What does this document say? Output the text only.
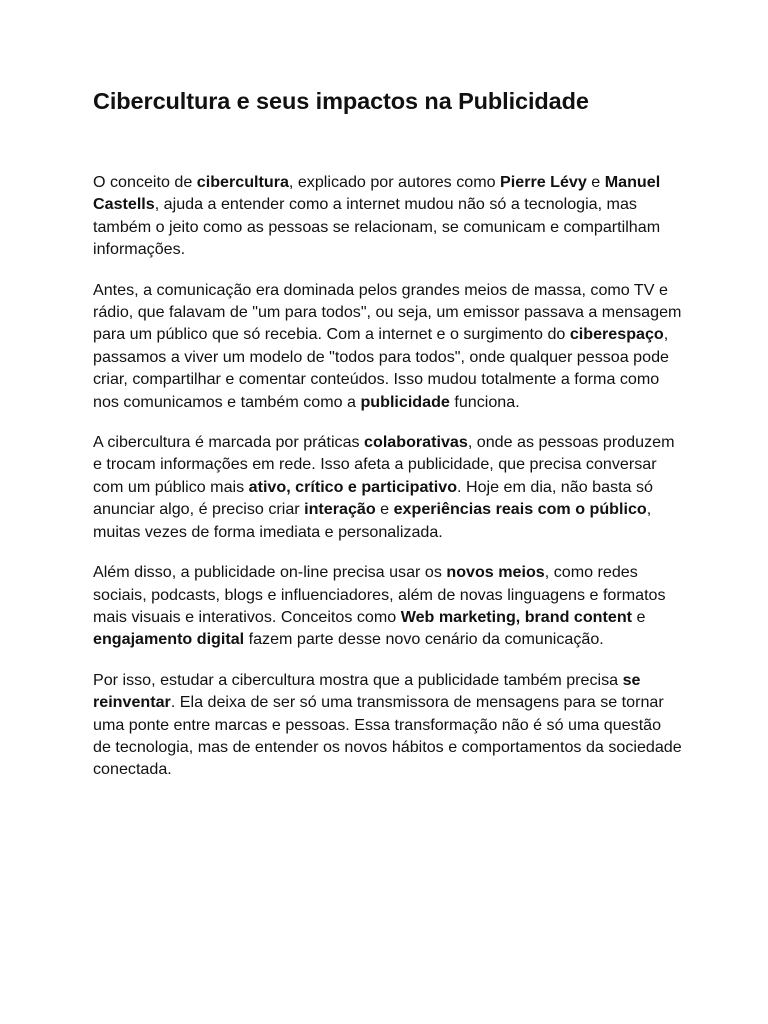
Cibercultura e seus impactos na Publicidade

O conceito de cibercultura, explicado por autores como Pierre Lévy e Manuel Castells, ajuda a entender como a internet mudou não só a tecnologia, mas também o jeito como as pessoas se relacionam, se comunicam e compartilham informações.

Antes, a comunicação era dominada pelos grandes meios de massa, como TV e rádio, que falavam de "um para todos", ou seja, um emissor passava a mensagem para um público que só recebia. Com a internet e o surgimento do ciberespaço, passamos a viver um modelo de "todos para todos", onde qualquer pessoa pode criar, compartilhar e comentar conteúdos. Isso mudou totalmente a forma como nos comunicamos e também como a publicidade funciona.

A cibercultura é marcada por práticas colaborativas, onde as pessoas produzem e trocam informações em rede. Isso afeta a publicidade, que precisa conversar com um público mais ativo, crítico e participativo. Hoje em dia, não basta só anunciar algo, é preciso criar interação e experiências reais com o público, muitas vezes de forma imediata e personalizada.

Além disso, a publicidade on-line precisa usar os novos meios, como redes sociais, podcasts, blogs e influenciadores, além de novas linguagens e formatos mais visuais e interativos. Conceitos como Web marketing, brand content e engajamento digital fazem parte desse novo cenário da comunicação.

Por isso, estudar a cibercultura mostra que a publicidade também precisa se reinventar. Ela deixa de ser só uma transmissora de mensagens para se tornar uma ponte entre marcas e pessoas. Essa transformação não é só uma questão de tecnologia, mas de entender os novos hábitos e comportamentos da sociedade conectada.
